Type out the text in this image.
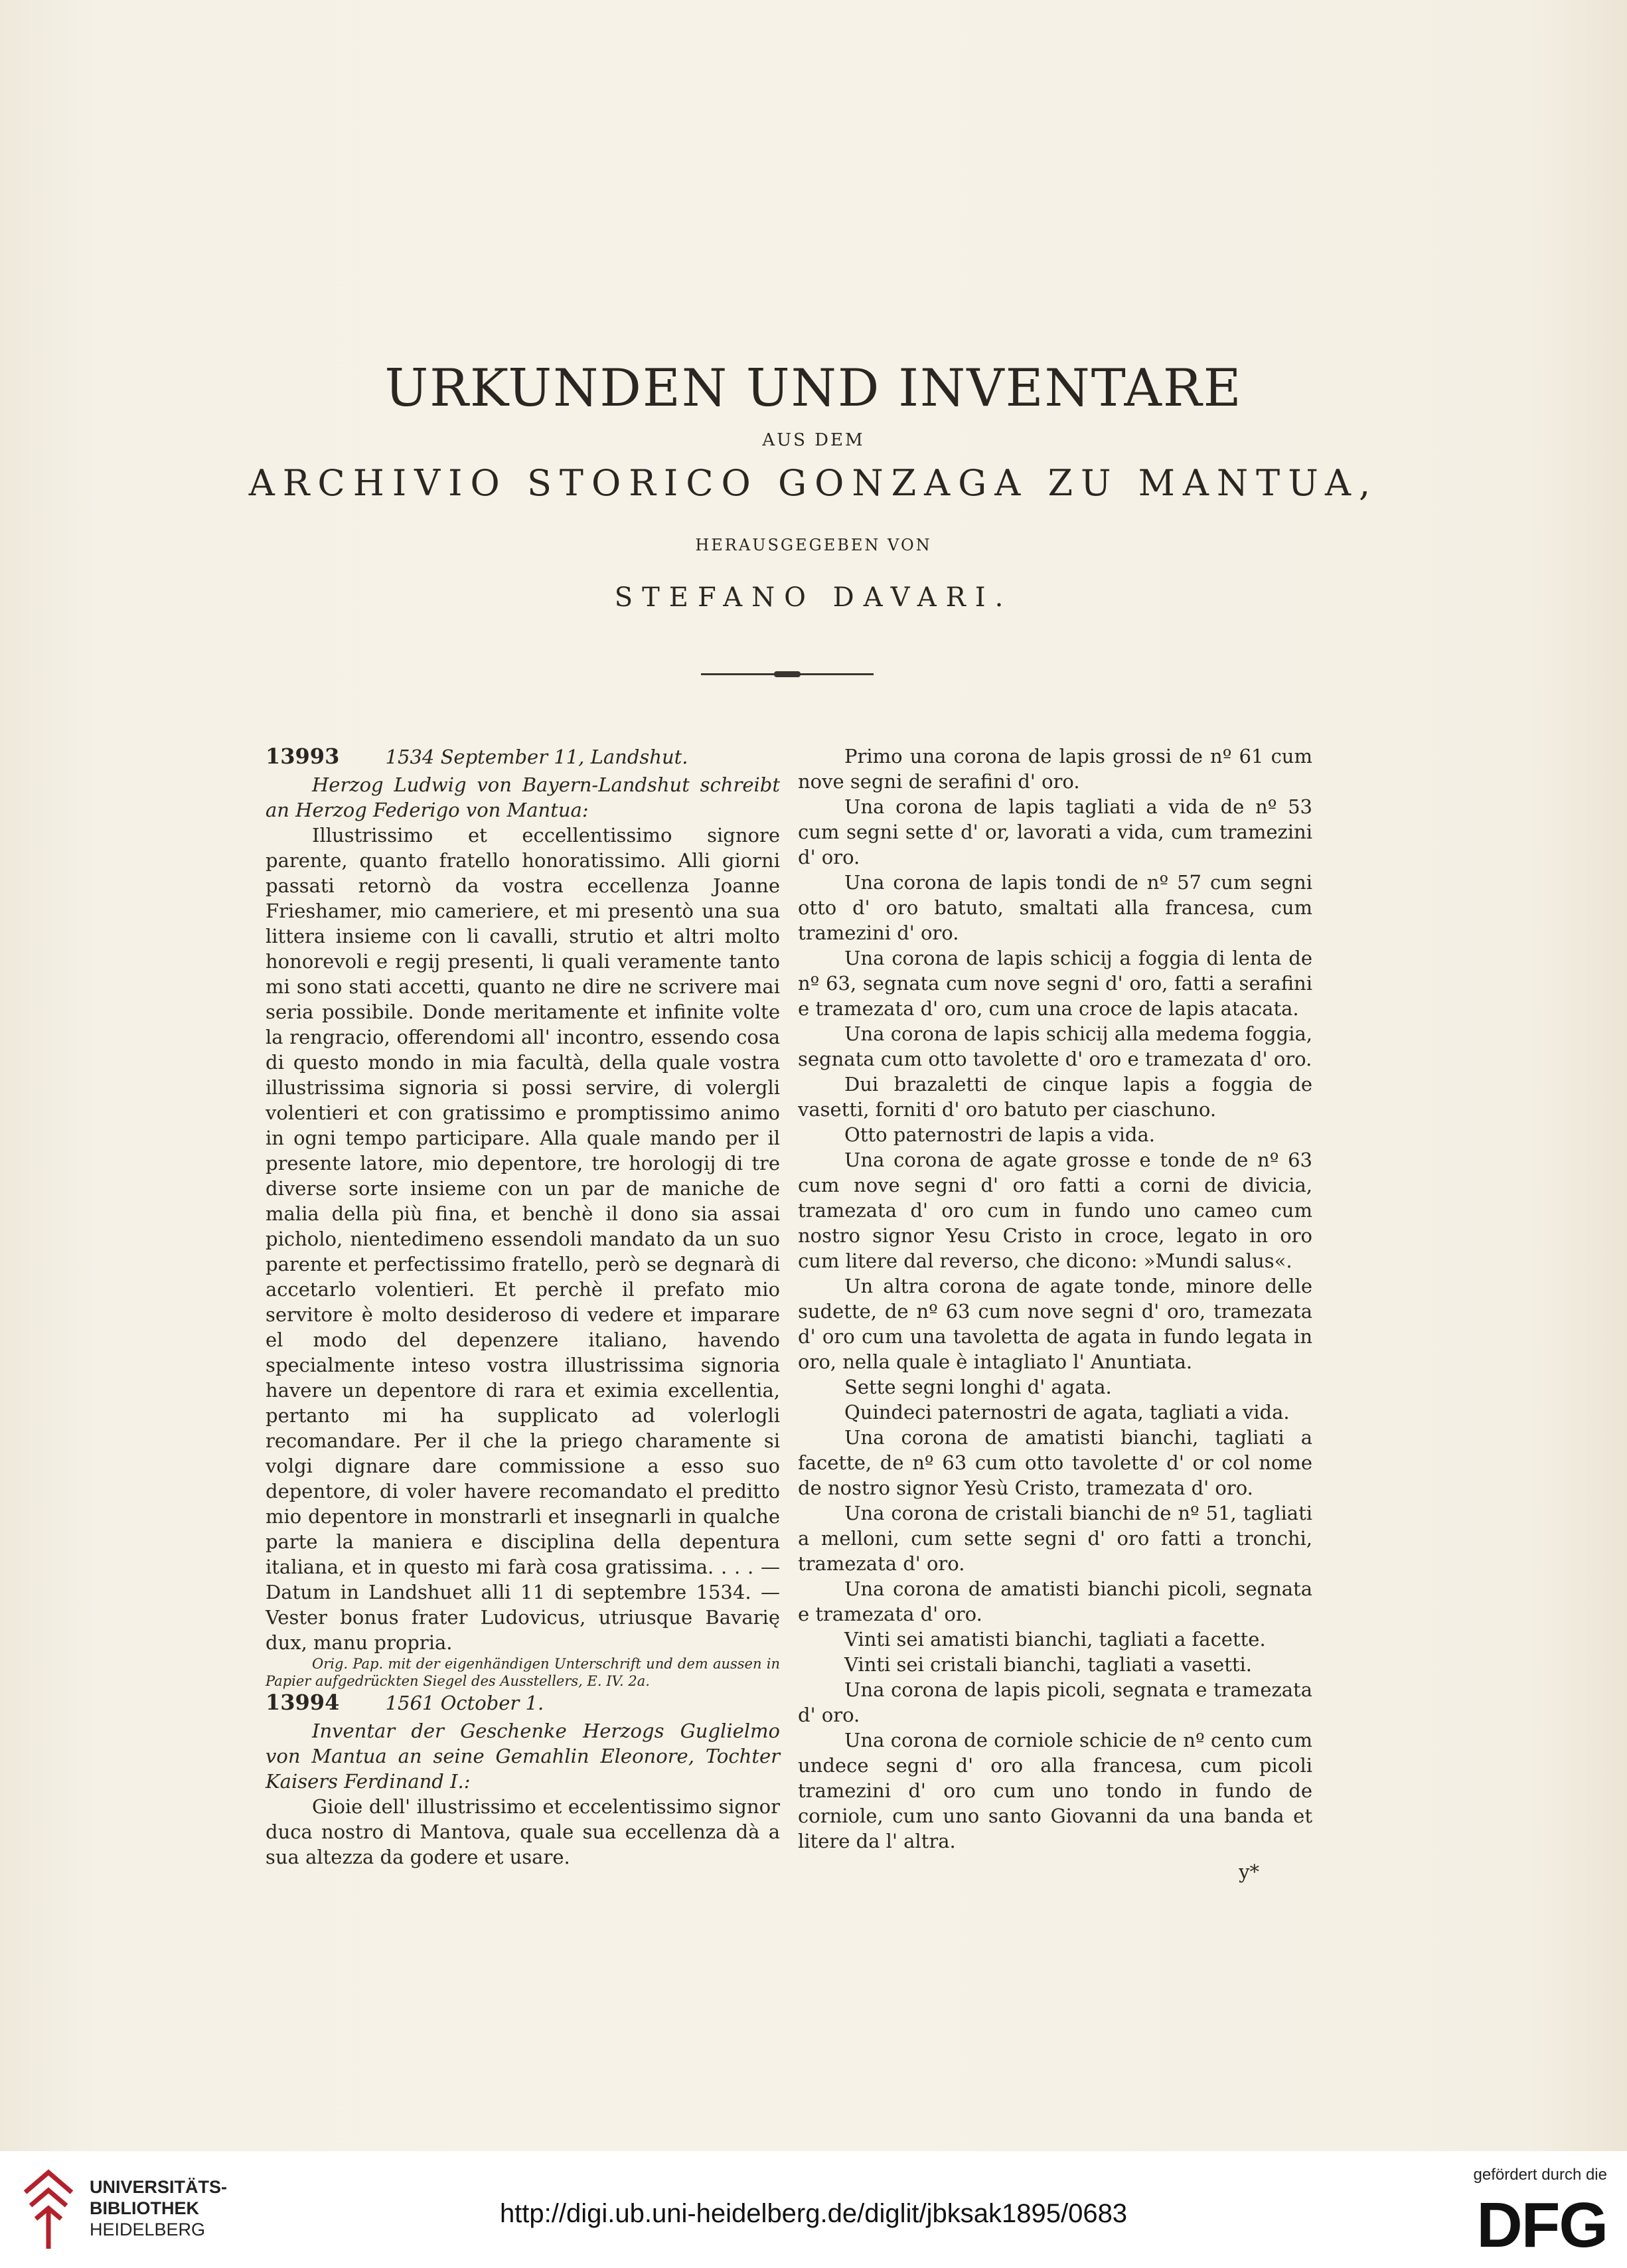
URKUNDEN UND INVENTARE
AUS DEM
ARCHIVIO STORICO GONZAGA ZU MANTUA,
HERAUSGEGEBEN VON
STEFANO DAVARI.
13993 1534 September 11, Landshut.

Herzog Ludwig von Bayern-Landshut schreibt an Herzog Federigo von Mantua:

Illustrissimo et eccellentissimo signore parente, quanto fratello honoratissimo. Alli giorni passati retornò da vostra eccellenza Joanne Frieshamer, mio cameriere, et mi presentò una sua littera insieme con li cavalli, strutio et altri molto honorevoli e regij presenti, li quali veramente tanto mi sono stati accetti, quanto ne dire ne scrivere mai seria possibile. Donde meritamente et infinite volte la rengracio, offerendomi all' incontro, essendo cosa di questo mondo in mia facultà, della quale vostra illustrissima signoria si possi servire, di volergli volentieri et con gratissimo e promptissimo animo in ogni tempo participare. Alla quale mando per il presente latore, mio depentore, tre horologij di tre diverse sorte insieme con un par de maniche de malia della più fina, et benchè il dono sia assai picholo, nientedimeno essendoli mandato da un suo parente et perfectissimo fratello, però se degnarà di accetarlo volentieri. Et perchè il prefato mio servitore è molto desideroso di vedere et imparare el modo del depenzere italiano, havendo specialmente inteso vostra illustrissima signoria havere un depentore di rara et eximia excellentia, pertanto mi ha supplicato ad volerlogli recomandare. Per il che la priego charamente si volgi dignare dare commissione a esso suo depentore, di voler havere recomandato el preditto mio depentore in monstrarli et insegnarli in qualche parte la maniera e disciplina della depentura italiana, et in questo mi farà cosa gratissima. . . . — Datum in Landshuet alli 11 di septembre 1534. — Vester bonus frater Ludovicus, utriusque Bavarię dux, manu propria.

Orig. Pap. mit der eigenhändigen Unterschrift und dem aussen in Papier aufgedrückten Siegel des Ausstellers, E. IV. 2a.

13994 1561 October 1.

Inventar der Geschenke Herzogs Guglielmo von Mantua an seine Gemahlin Eleonore, Tochter Kaisers Ferdinand I.:

Gioie dell' illustrissimo et eccelentissimo signor duca nostro di Mantova, quale sua eccellenza dà a sua altezza da godere et usare.

Primo una corona de lapis grossi de nº 61 cum nove segni de serafini d' oro.

Una corona de lapis tagliati a vida de nº 53 cum segni sette d' or, lavorati a vida, cum tramezini d' oro.

Una corona de lapis tondi de nº 57 cum segni otto d' oro batuto, smaltati alla francesa, cum tramezini d' oro.

Una corona de lapis schicij a foggia di lenta de nº 63, segnata cum nove segni d' oro, fatti a serafini e tramezata d' oro, cum una croce de lapis atacata.

Una corona de lapis schicij alla medema foggia, segnata cum otto tavolette d' oro e tramezata d' oro.

Dui brazaletti de cinque lapis a foggia de vasetti, forniti d' oro batuto per ciaschuno.

Otto paternostri de lapis a vida.

Una corona de agate grosse e tonde de nº 63 cum nove segni d' oro fatti a corni de divicia, tramezata d' oro cum in fundo uno cameo cum nostro signor Yesu Cristo in croce, legato in oro cum litere dal reverso, che dicono: »Mundi salus«.

Un altra corona de agate tonde, minore delle sudette, de nº 63 cum nove segni d' oro, tramezata d' oro cum una tavoletta de agata in fundo legata in oro, nella quale è intagliato l' Anuntiata.

Sette segni longhi d' agata.

Quindeci paternostri de agata, tagliati a vida.

Una corona de amatisti bianchi, tagliati a facette, de nº 63 cum otto tavolette d' or col nome de nostro signor Yesù Cristo, tramezata d' oro.

Una corona de cristali bianchi de nº 51, tagliati a melloni, cum sette segni d' oro fatti a tronchi, tramezata d' oro.

Una corona de amatisti bianchi picoli, segnata e tramezata d' oro.

Vinti sei amatisti bianchi, tagliati a facette.

Vinti sei cristali bianchi, tagliati a vasetti.

Una corona de lapis picoli, segnata e tramezata d' oro.

Una corona de corniole schicie de nº cento cum undece segni d' oro alla francesa, cum picoli tramezini d' oro cum uno tondo in fundo de corniole, cum uno santo Giovanni da una banda et litere da l' altra.

y*
UNIVERSITÄTS-
BIBLIOTHEK
HEIDELBERG
http://digi.ub.uni-heidelberg.de/diglit/jbksak1895/0683
gefördert durch die
DFG
